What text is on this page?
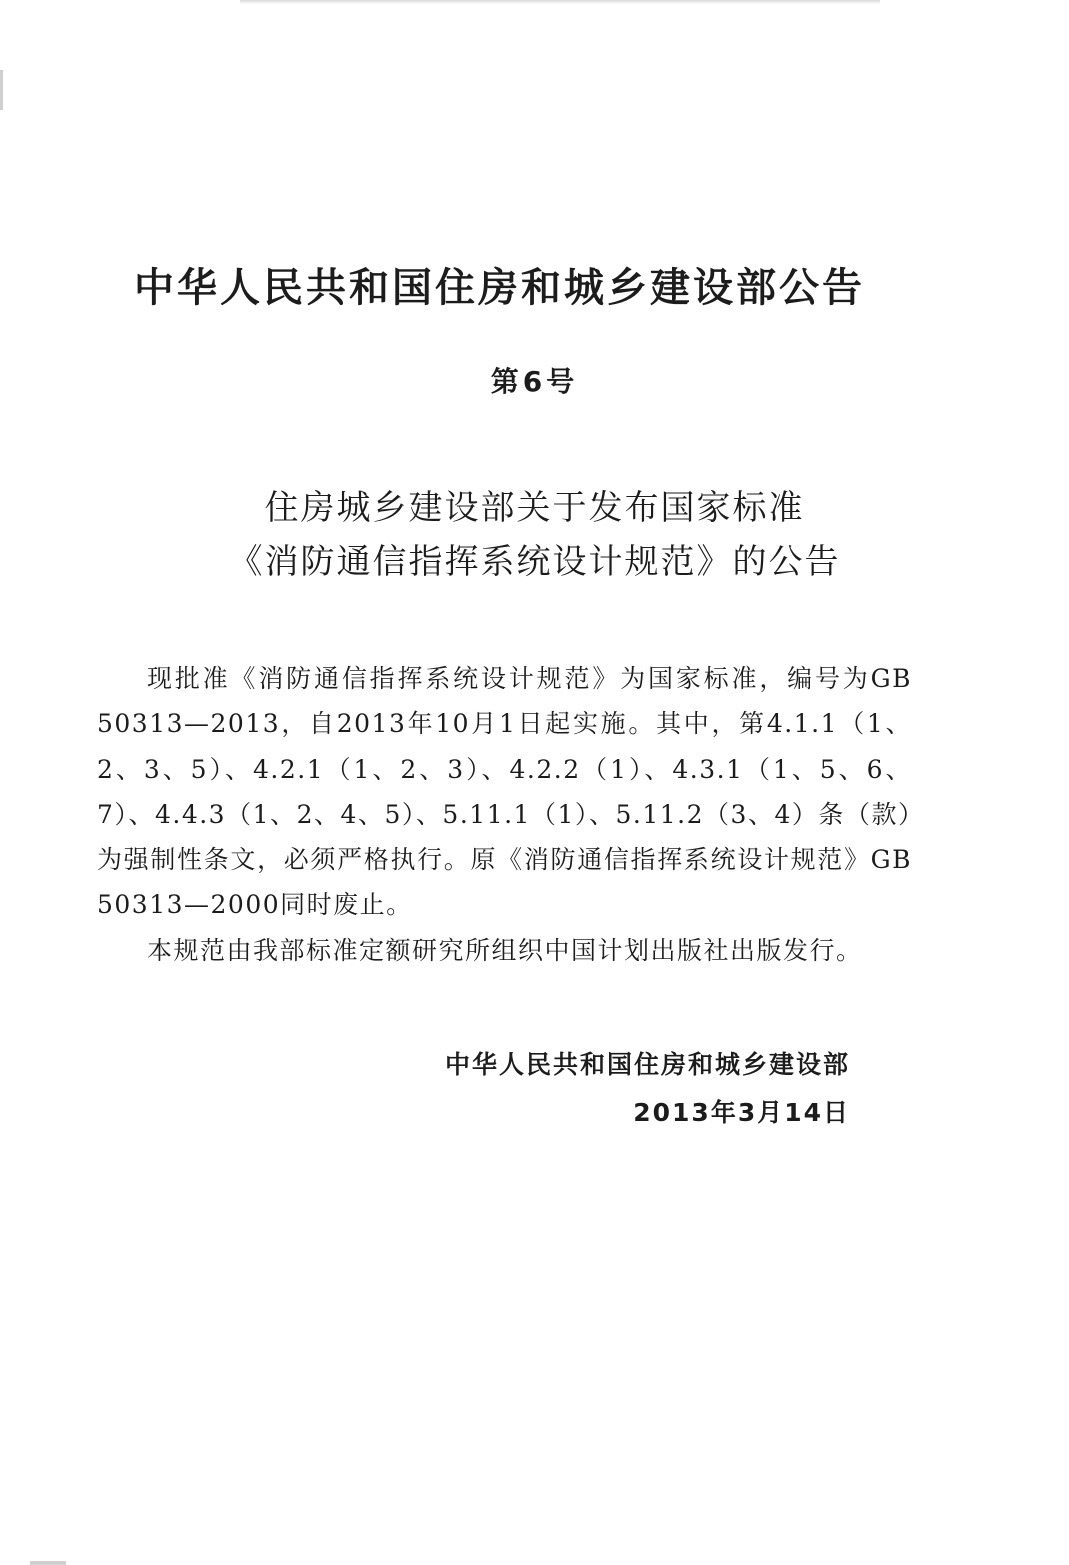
中华人民共和国住房和城乡建设部公告
第6号
住房城乡建设部关于发布国家标准
《消防通信指挥系统设计规范》的公告

现批准《消防通信指挥系统设计规范》为国家标准，编号为GB 50313—2013，自2013年10月1日起实施。其中，第4.1.1（1、2、3、5）、4.2.1（1、2、3）、4.2.2（1）、4.3.1（1、5、6、7）、4.4.3（1、2、4、5）、5.11.1（1）、5.11.2（3、4）条（款）为强制性条文，必须严格执行。原《消防通信指挥系统设计规范》GB 50313—2000同时废止。

本规范由我部标准定额研究所组织中国计划出版社出版发行。

中华人民共和国住房和城乡建设部
2013年3月14日
